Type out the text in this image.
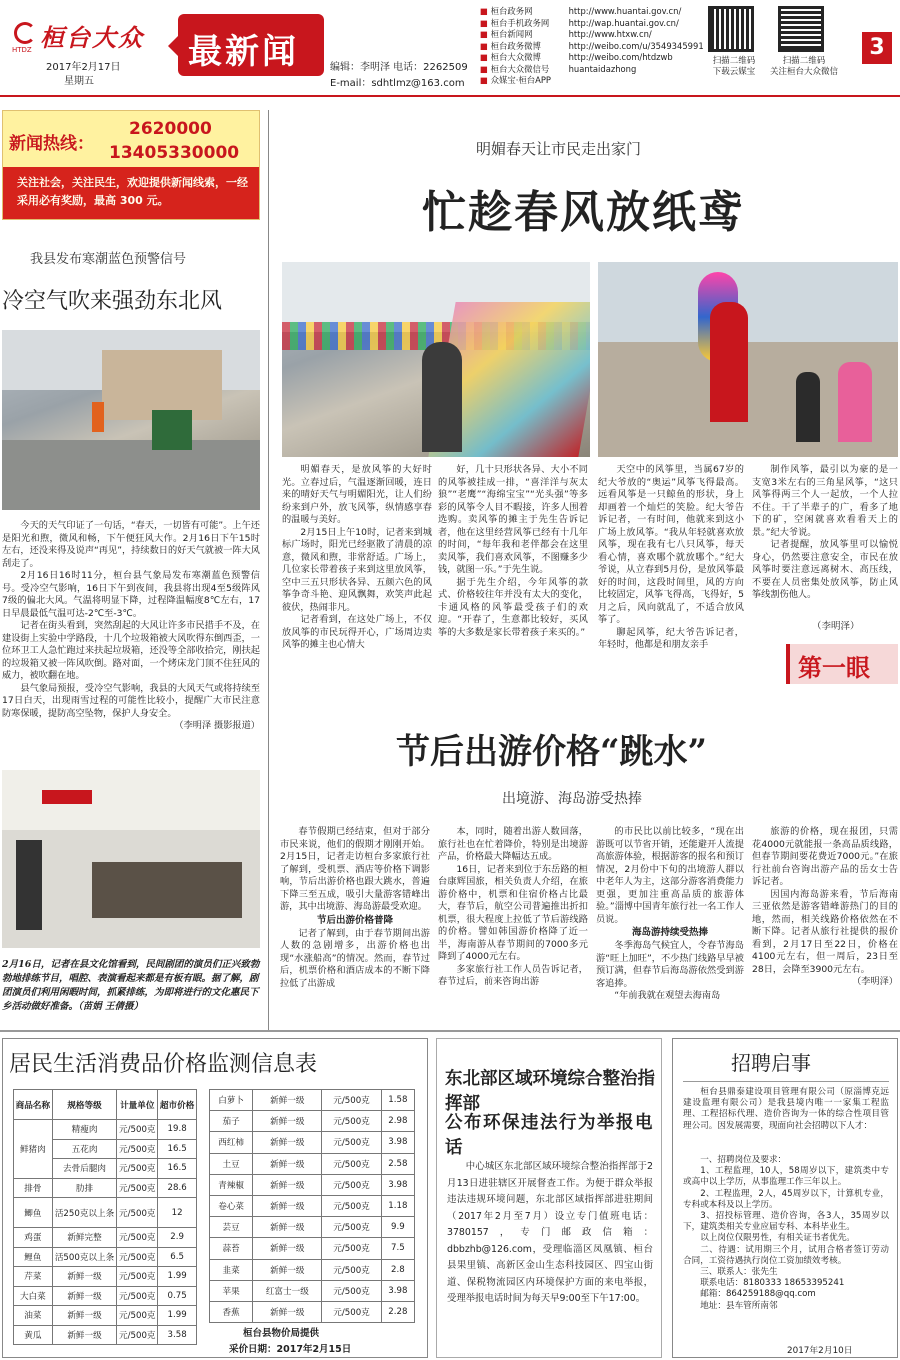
桓台大众
HTDZ
2017年2月17日
星期五
最新闻	编辑：李明泽 电话：2262509
E-mail：sdhtlmz@163.com
■ 桓台政务网	http://www.huantai.gov.cn/
■ 桓台手机政务网 http://wap.huantai.gov.cn/
■ 桓台新闻网	http://www.htxw.cn/
■ 桓台政务微博	http://weibo.com/u/3549345991
■ 桓台大众微博	http://weibo.com/htdzwb
■ 桓台大众微信号 huantaidazhong
■ 众媒宝·桓台APP
扫描二维码
下载云媒宝
扫描二维码
关注桓台大众微信
3
新闻热线：
2620000
13405330000
关注社会，关注民生，欢迎提供新闻线索，一经采用必有奖励，最高 300 元。
我县发布寒潮蓝色预警信号
冷空气吹来强劲东北风

今天的天气印证了一句话，“春天，一切皆有可能”。上午还是阳光和煦，微风和畅，下午便狂风大作。2月16日下午15时左右，还没来得及说声“再见”，持续数日的好天气就被一阵大风刮走了。

2月16日16时11分，桓台县气象局发布寒潮蓝色预警信号。受冷空气影响，16日下午到夜间，我县将出现4至5级阵风7级的偏北大风。气温将明显下降，过程降温幅度8℃左右，17日早晨最低气温可达-2℃至-3℃。

记者在街头看到，突然刮起的大风让许多市民措手不及，在建设街上实验中学路段，十几个垃圾箱被大风吹得东倒西歪，一位环卫工人急忙跑过来扶起垃圾箱，还没等全部收拾完，刚扶起的垃圾箱又被一阵风吹倒。路对面，一个烤床龙门顶不住狂风的威力，被吹翻在地。

县气象局预报，受冷空气影响，我县的大风天气或将持续至17日白天，出现雨雪过程的可能性比较小，提醒广大市民注意防寒保暖，提防高空坠物，保护人身安全。

（李明泽 摄影报道）

2月16日，记者在县文化馆看到，民间剧团的演员们正兴致勃勃地排练节目，唱腔、表演看起来都是有板有眼。据了解，剧团演员们利用闲暇时间，抓紧排练，为即将进行的文化惠民下乡活动做好准备。（苗娟 王倩摄）
明媚春天让市民走出家门
忙趁春风放纸鸢

明媚春天，是放风筝的大好时光。立春过后，气温逐渐回暖，连日来的晴好天气与明媚阳光，让人们纷纷来到户外，放飞风筝，纵情感享春的温暖与美好。

2月15日上午10时，记者来到城标广场时，阳光已经驱散了清晨的凉意，微风和煦，非常舒适。广场上，几位家长带着孩子来到这里放风筝，空中三五只形状各异、五颜六色的风筝争奇斗艳、迎风飘舞，欢笑声此起彼伏，热闹非凡。

记者看到，在这处广场上，不仅放风筝的市民玩得开心，广场周边卖风筝的摊主也心情大

好，几十只形状各异、大小不同的风筝被挂成一排，“喜洋洋与灰太狼”“老鹰”“海绵宝宝”“光头强”等多彩的风筝令人目不暇接，许多人围着选购。卖风筝的摊主于先生告诉记者，他在这里经营风筝已经有十几年的时间，“每年我和老伴都会在这里卖风筝，我们喜欢风筝，不图赚多少钱，就图一乐。”于先生说。

据于先生介绍，今年风筝的款式、价格较往年并没有太大的变化，卡通风格的风筝最受孩子们的欢迎。“开春了，生意都比较好，买风筝的大多数是家长带着孩子来买的。”

天空中的风筝里，当属67岁的纪大爷放的“奥运”风筝飞得最高。远看风筝是一只鲸鱼的形状，身上却画着一个灿烂的笑脸。纪大爷告诉记者，一有时间，他就来到这小广场上放风筝。“我从年轻就喜欢放风筝，现在我有七八只风筝，每天看心情，喜欢哪个就放哪个。”纪大爷说，从立春到5月份，是放风筝最好的时间，这段时间里，风的方向比较固定，风筝飞得高，飞得好，5月之后，风向就乱了，不适合放风筝了。

聊起风筝，纪大爷告诉记者，年轻时，他都是和朋友亲手

制作风筝，最引以为豪的是一支宽3米左右的三角星风筝，“这只风筝得两三个人一起放，一个人拉不住。干了半辈子的广，看多了地下的矿，空闲就喜欢看看天上的景。”纪大爷说。

记者提醒，放风筝里可以愉悦身心，仍然要注意安全，市民在放风筝时要注意远离树木、高压线，不要在人员密集处放风筝，防止风筝线割伤他人。

（李明泽）
第一眼
节后出游价格“跳水”
出境游、海岛游受热捧

春节假期已经结束，但对于部分市民来说，他们的假期才刚刚开始。2月15日，记者走访桓台多家旅行社了解到，受机票、酒店等价格下调影响，节后出游价格也跟大跳水，普遍下降三至五成，吸引大量游客错峰出游，其中出境游、海岛游最受欢迎。

节后出游价格普降

记者了解到，由于春节期间出游人数的急剧增多，出游价格也出现“水涨船高”的情况。然而，春节过后，机票价格和酒店成本的不断下降拉低了出游成

本，同时，随着出游人数回落，旅行社也在忙着降价，特别是出境游产品，价格最大降幅达五成。

16日，记者来到位于东岳路的桓台康辉国旅，相关负责人介绍，在旅游价格中，机票和住宿价格占比最大，春节后，航空公司普遍推出折扣机票，很大程度上拉低了节后游线路的价格。譬如韩国游价格降了近一半，海南游从春节期间的7000多元降到了4000元左右。

多家旅行社工作人员告诉记者，春节过后，前来咨询出游

的市民比以前比较多，“现在出游既可以节省开销，还能避开人流提高旅游体验，根据游客的报名和预订情况，2月份中下旬的出境游人群以中老年人为主，这部分游客消费能力更强，更加注重高品质的旅游体验。”淄博中国青年旅行社一名工作人员说。

海岛游持续受热捧

冬季海岛气候宜人，令春节海岛游“旺上加旺”，不少热门线路早早被预订满，但春节后海岛游依然受到游客追捧。

“年前我就在观望去海南岛

旅游的价格，现在报团，只需花4000元就能报一条高品质线路，但春节期间要花费近7000元。”在旅行社前台咨询出游产品的岳女士告诉记者。

因国内海岛游来看，节后海南三亚依然是游客错峰游热门的目的地，然而，相关线路价格依然在不断下降。记者从旅行社提供的报价看到，2月17日至22日，价格在4100元左右，但一周后，23日至28日，会降至3900元左右。

（李明泽）

居民生活消费品价格监测信息表
商品名称	规格等级	计量单位	超市价格
鲜猪肉	精瘦肉	元/500克	19.8
	五花肉	元/500克	16.5
	去骨后腿肉	元/500克	16.5
排骨	肋排	元/500克	28.6
鲫鱼	活250克以上条	元/500克	12
鸡蛋	新鲜完整	元/500克	2.9
鲤鱼	活500克以上条	元/500克	6.5
芹菜	新鲜一级	元/500克	1.99
大白菜	新鲜一级	元/500克	0.75
油菜	新鲜一级	元/500克	1.99
黄瓜	新鲜一级	元/500克	3.58
白萝卜	新鲜一级	元/500克	1.58
茄子	新鲜一级	元/500克	2.98
西红柿	新鲜一级	元/500克	3.98
土豆	新鲜一级	元/500克	2.58
青辣椒	新鲜一级	元/500克	3.98
卷心菜	新鲜一级	元/500克	1.18
芸豆	新鲜一级	元/500克	9.9
蒜苔	新鲜一级	元/500克	7.5
韭菜	新鲜一级	元/500克	2.8
苹果	红富士一级	元/500克	3.98
香蕉	新鲜一级	元/500克	2.28
桓台县物价局提供
采价日期：2017年2月15日
东北部区域环境综合整治指挥部
公布环保违法行为举报电话
中心城区东北部区域环境综合整治指挥部于2月13日进驻辖区开展督查工作。为便于群众举报违法违规环境问题，东北部区域指挥部进驻期间（2017年2月至7月）设立专门值班电话：3780157，专门邮政信箱：dbbzhb@126.com，受理临淄区凤凰镇、桓台县果里镇、高新区金山生态科技园区、四宝山街道、保税物流园区内环境保护方面的来电举报，受理举报电话时间为每天早9:00至下午17:00。
招聘启事
桓台县鼎泰建设项目管理有限公司（原淄博克远建设监理有限公司）是我县境内唯一一家集工程监理、工程招标代理、造价咨询为一体的综合性项目管理公司。因发展需要，现面向社会招聘以下人才：
一、招聘岗位及要求：
1、工程监理，10人，58周岁以下，建筑类中专或高中以上学历，从事监理工作三年以上。
2、工程监理，2人，45周岁以下，计算机专业，专科或本科及以上学历。
3、招投标管理、造价咨询，各3人，35周岁以下，建筑类相关专业应届专科、本科毕业生。
以上岗位仅限男性，有相关证书者优先。
二、待遇：试用期三个月，试用合格者签订劳动合同，工资待遇执行岗位工资加绩效考核。
三、联系人：张先生
联系电话：8180333 18653395241
邮箱：864259188@qq.com
地址：县车管所南邻
2017年2月10日
